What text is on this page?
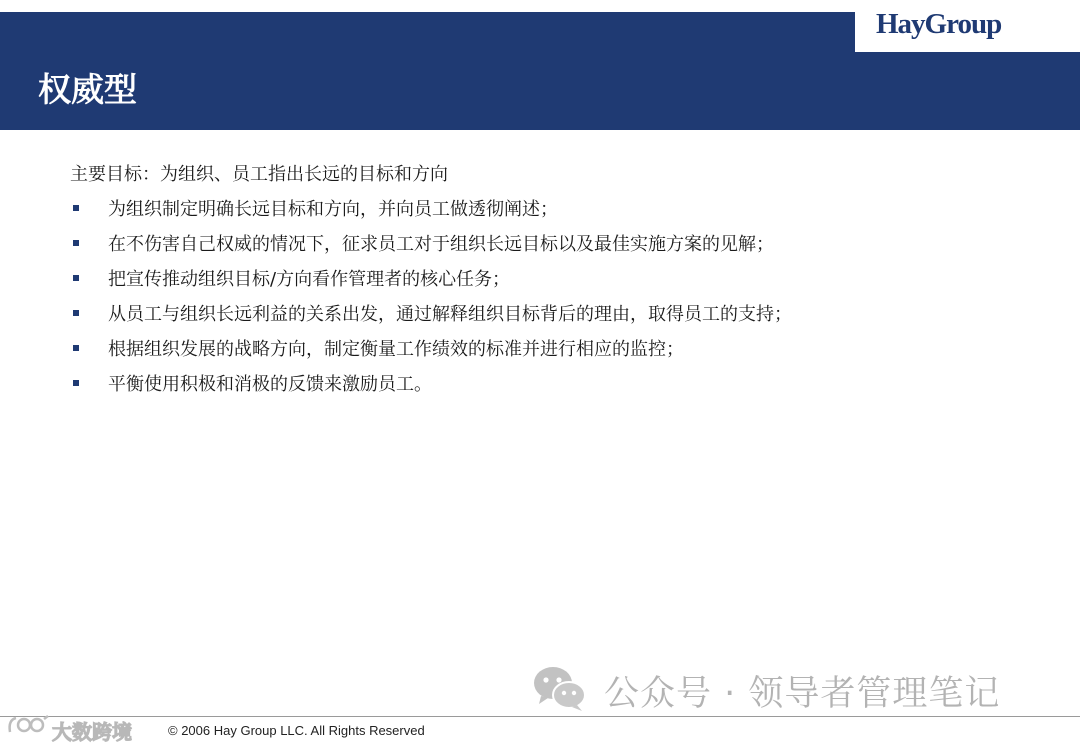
HayGroup
权威型
主要目标：为组织、员工指出长远的目标和方向
为组织制定明确长远目标和方向，并向员工做透彻阐述；
在不伤害自己权威的情况下，征求员工对于组织长远目标以及最佳实施方案的见解；
把宣传推动组织目标/方向看作管理者的核心任务；
从员工与组织长远利益的关系出发，通过解释组织目标背后的理由，取得员工的支持；
根据组织发展的战略方向，制定衡量工作绩效的标准并进行相应的监控；
平衡使用积极和消极的反馈来激励员工。
公众号 · 领导者管理笔记
大数跨境	© 2006 Hay Group LLC. All Rights Reserved
